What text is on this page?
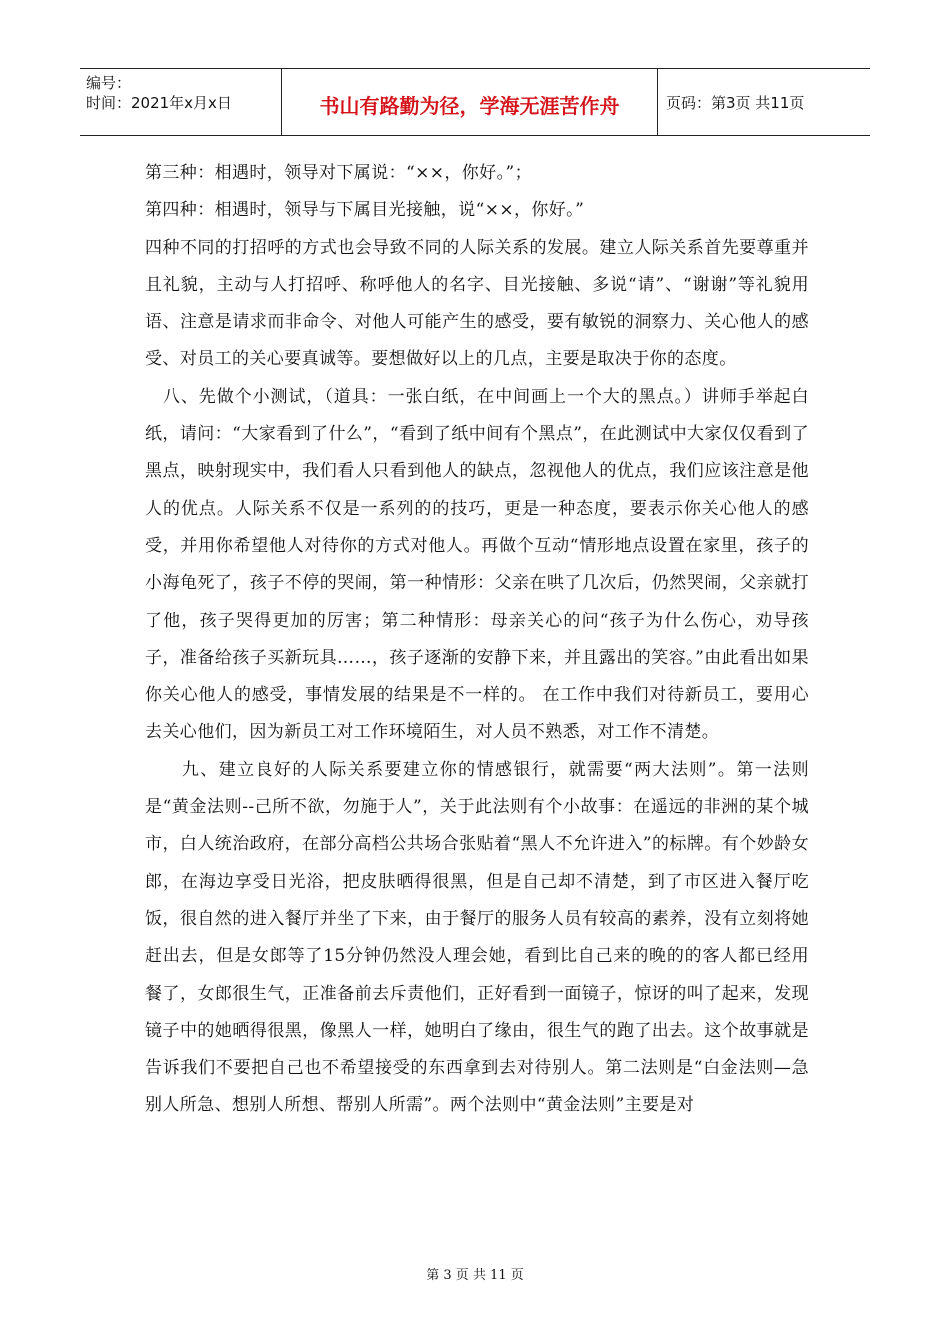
编号：
时间：2021年x月x日	书山有路勤为径，学海无涯苦作舟	页码：第3页 共11页

第三种：相遇时，领导对下属说：“××，你好。”；

第四种：相遇时，领导与下属目光接触，说“××，你好。”

四种不同的打招呼的方式也会导致不同的人际关系的发展。建立人际关系首先要尊重并且礼貌，主动与人打招呼、称呼他人的名字、目光接触、多说“请”、“谢谢”等礼貌用语、注意是请求而非命令、对他人可能产生的感受，要有敏锐的洞察力、关心他人的感受、对员工的关心要真诚等。要想做好以上的几点，主要是取决于你的态度。

　八、先做个小测试，（道具：一张白纸，在中间画上一个大的黑点。）讲师手举起白纸，请问：“大家看到了什么”，“看到了纸中间有个黑点”，在此测试中大家仅仅看到了黑点，映射现实中，我们看人只看到他人的缺点，忽视他人的优点，我们应该注意是他人的优点。人际关系不仅是一系列的的技巧，更是一种态度，要表示你关心他人的感受，并用你希望他人对待你的方式对他人。再做个互动“情形地点设置在家里，孩子的小海龟死了，孩子不停的哭闹，第一种情形：父亲在哄了几次后，仍然哭闹，父亲就打了他，孩子哭得更加的厉害；第二种情形：母亲关心的问“孩子为什么伤心，劝导孩子，准备给孩子买新玩具……，孩子逐渐的安静下来，并且露出的笑容。”由此看出如果你关心他人的感受，事情发展的结果是不一样的。 在工作中我们对待新员工，要用心去关心他们，因为新员工对工作环境陌生，对人员不熟悉，对工作不清楚。

　　九、建立良好的人际关系要建立你的情感银行，就需要“两大法则”。第一法则是“黄金法则--己所不欲，勿施于人”，关于此法则有个小故事：在遥远的非洲的某个城市，白人统治政府，在部分高档公共场合张贴着“黑人不允许进入”的标牌。有个妙龄女郎，在海边享受日光浴，把皮肤晒得很黑，但是自己却不清楚，到了市区进入餐厅吃饭，很自然的进入餐厅并坐了下来，由于餐厅的服务人员有较高的素养，没有立刻将她赶出去，但是女郎等了15分钟仍然没人理会她，看到比自己来的晚的的客人都已经用餐了，女郎很生气，正准备前去斥责他们，正好看到一面镜子，惊讶的叫了起来，发现镜子中的她晒得很黑，像黑人一样，她明白了缘由，很生气的跑了出去。这个故事就是告诉我们不要把自己也不希望接受的东西拿到去对待别人。第二法则是“白金法则—急别人所急、想别人所想、帮别人所需”。两个法则中“黄金法则”主要是对

第 3 页 共 11 页
